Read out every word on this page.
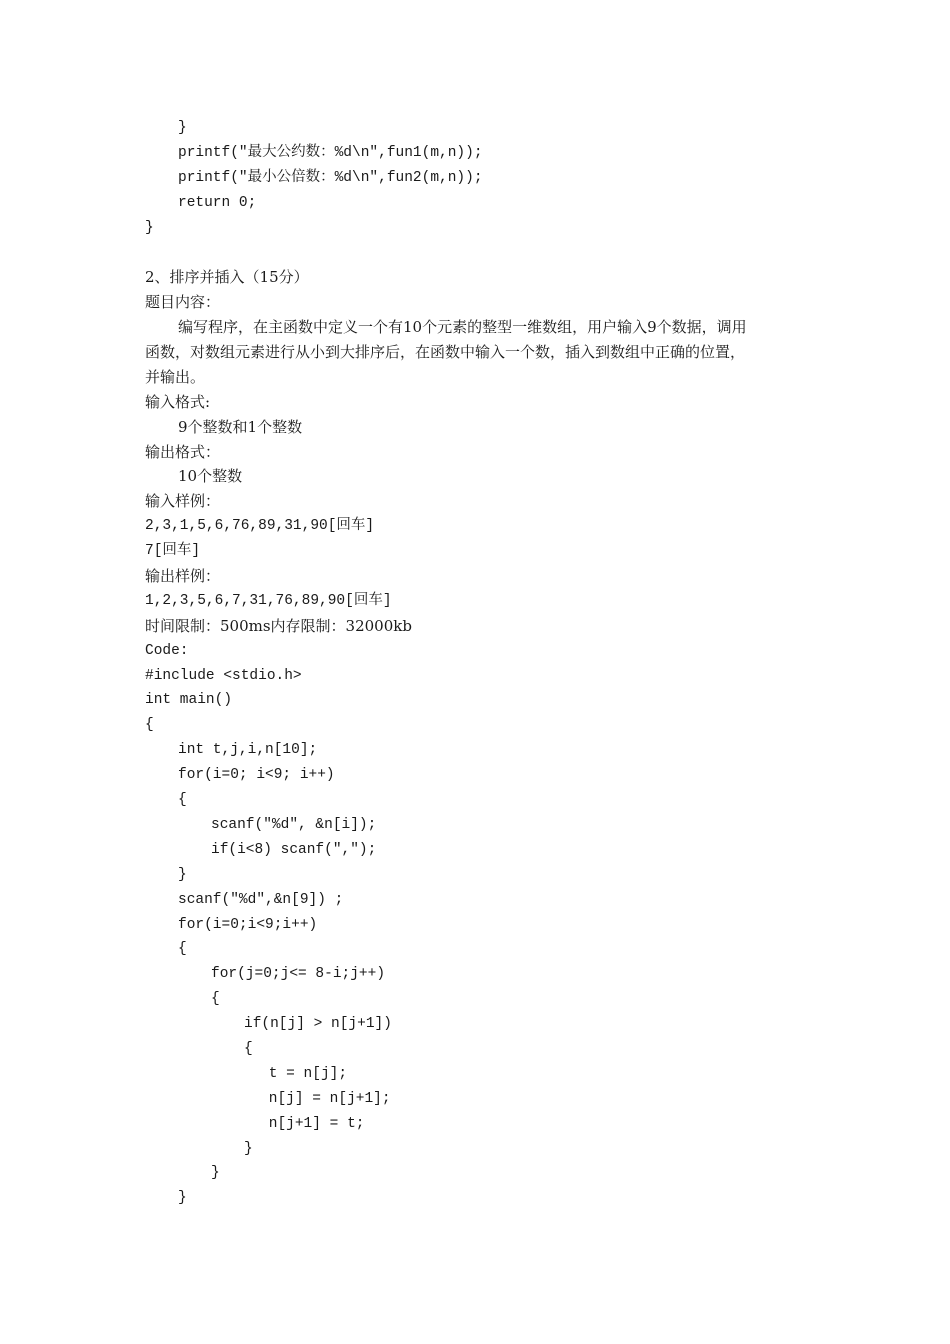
}
printf("最大公约数：%d\n",fun1(m,n));
printf("最小公倍数：%d\n",fun2(m,n));
return 0;
}
2、排序并插入（15分）
题目内容：
编写程序，在主函数中定义一个有10个元素的整型一维数组，用户输入9个数据，调用
函数，对数组元素进行从小到大排序后，在函数中输入一个数，插入到数组中正确的位置，
并输出。
输入格式:
9个整数和1个整数
输出格式：
10个整数
输入样例：
2,3,1,5,6,76,89,31,90[回车]
7[回车]
输出样例：
1,2,3,5,6,7,31,76,89,90[回车]
时间限制：500ms内存限制：32000kb
Code:
#include <stdio.h>
int main()
{
int t,j,i,n[10];
for(i=0; i<9; i++)
{
scanf("%d", &n[i]);
if(i<8) scanf(",");
}
scanf("%d",&n[9]) ;
for(i=0;i<9;i++)
{
for(j=0;j<= 8-i;j++)
{
if(n[j] > n[j+1])
{
t = n[j];
n[j] = n[j+1];
n[j+1] = t;
}
}
}
